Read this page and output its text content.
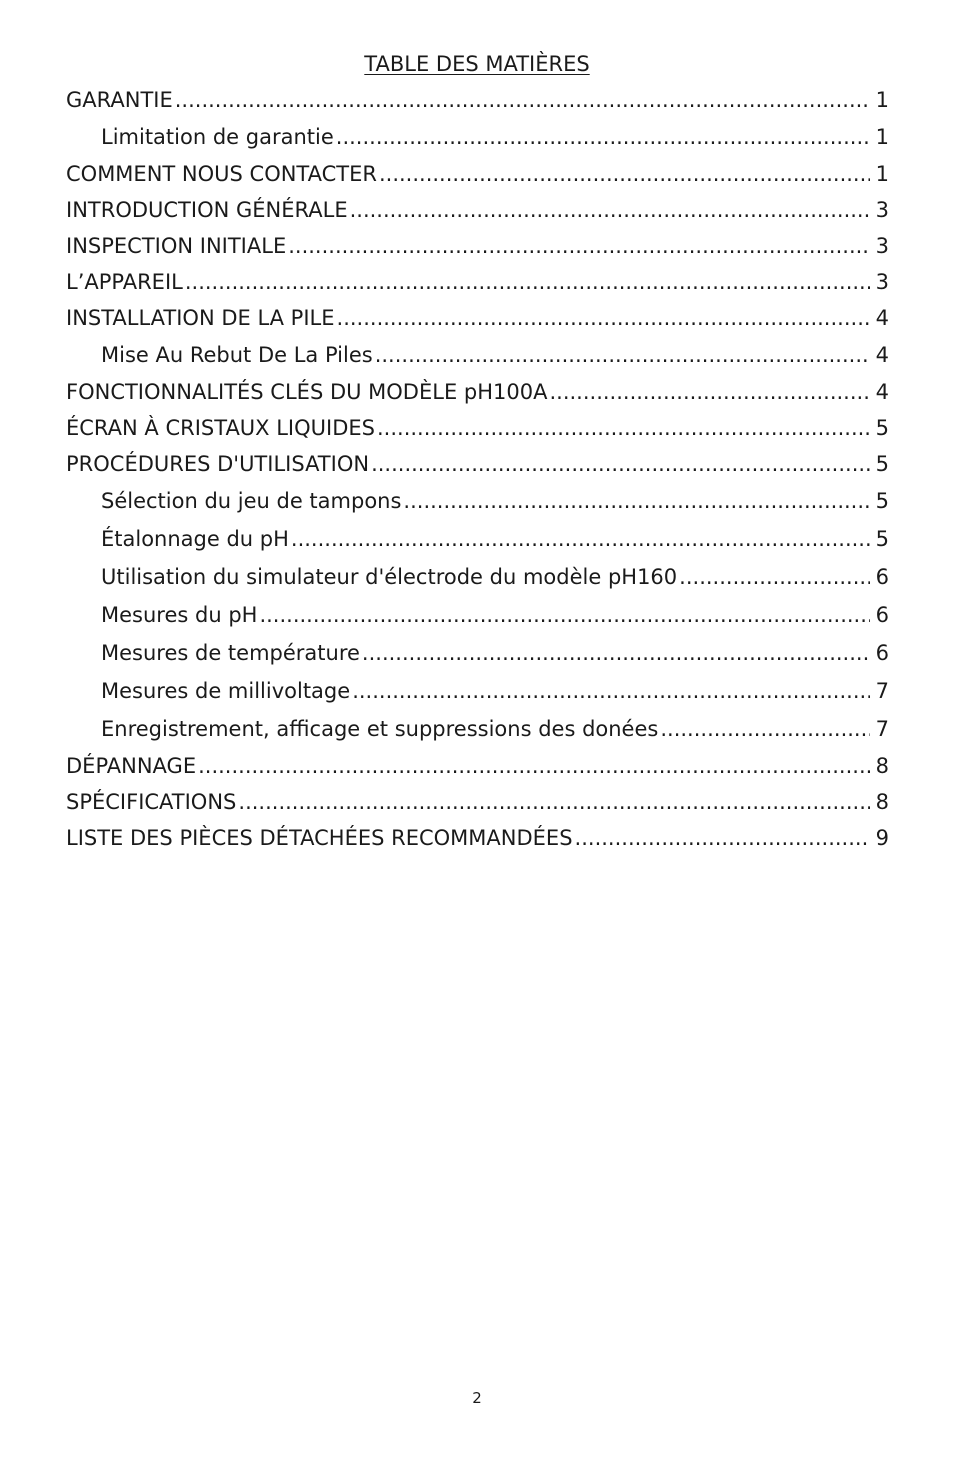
TABLE DES MATIÈRES
GARANTIE .....	1
Limitation de garantie .....	1
COMMENT NOUS CONTACTER .....	1
INTRODUCTION GÉNÉRALE .....	3
INSPECTION INITIALE .....	3
L’APPAREIL .....	3
INSTALLATION DE LA PILE .....	4
Mise Au Rebut De La Piles .....	4
FONCTIONNALITÉS CLÉS DU MODÈLE pH100A .....	4
ÉCRAN À CRISTAUX LIQUIDES .....	5
PROCÉDURES D'UTILISATION .....	5
Sélection du jeu de tampons .....	5
Étalonnage du pH .....	5
Utilisation du simulateur d'électrode du modèle pH160 .....	6
Mesures du pH .....	6
Mesures de température .....	6
Mesures de millivoltage .....	7
Enregistrement, afficage et suppressions des donées .....	7
DÉPANNAGE .....	8
SPÉCIFICATIONS .....	8
LISTE DES PIÈCES DÉTACHÉES RECOMMANDÉES .....	9
2
